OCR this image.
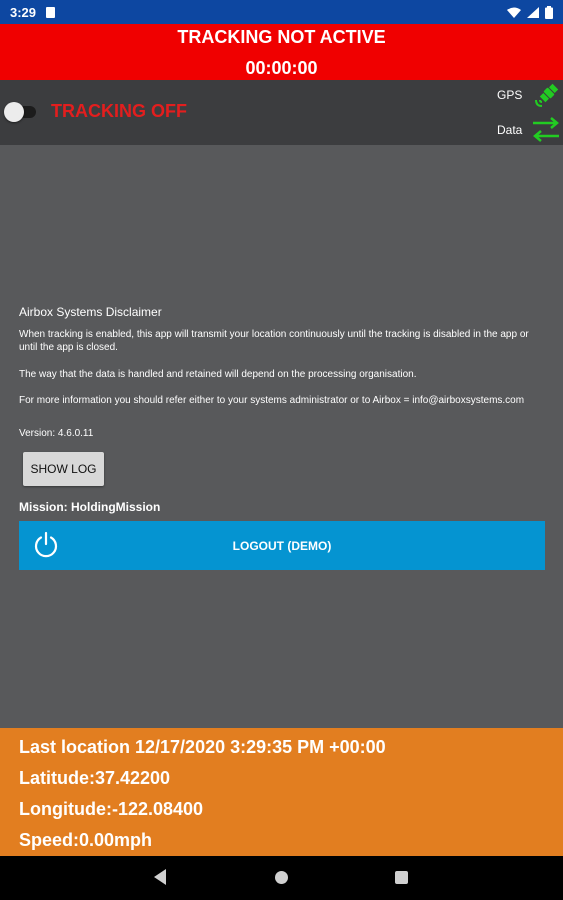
3:29
TRACKING NOT ACTIVE
00:00:00
TRACKING OFF
GPS
Data
Airbox Systems Disclaimer
When tracking is enabled, this app will transmit your location continuously until the tracking is disabled in the app or until the app is closed.
The way that the data is handled and retained will depend on the processing organisation.
For more information you should refer either to your systems administrator or to Airbox = info@airboxsystems.com
Version: 4.6.0.11
SHOW LOG
Mission: HoldingMission
LOGOUT (DEMO)
Last location 12/17/2020 3:29:35 PM +00:00
Latitude:37.42200
Longitude:-122.08400
Speed:0.00mph
